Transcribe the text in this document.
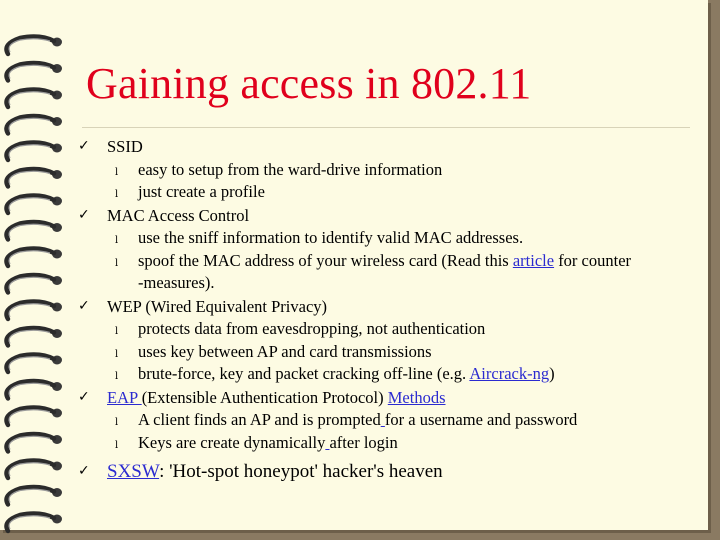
Gaining access in 802.11
✓ SSID
l easy to setup from the ward-drive information
l just create a profile
✓ MAC Access Control
l use the sniff information to identify valid MAC addresses.
l spoof the MAC address of your wireless card (Read this article for counter
-measures).
✓ WEP (Wired Equivalent Privacy)
l protects data from eavesdropping, not authentication
l uses key between AP and card transmissions
l brute-force, key and packet cracking off-line (e.g. Aircrack-ng)
✓ EAP (Extensible Authentication Protocol) Methods
l A client finds an AP and is prompted for a username and password
l Keys are create dynamically after login
✓ SXSW: 'Hot-spot honeypot' hacker's heaven
